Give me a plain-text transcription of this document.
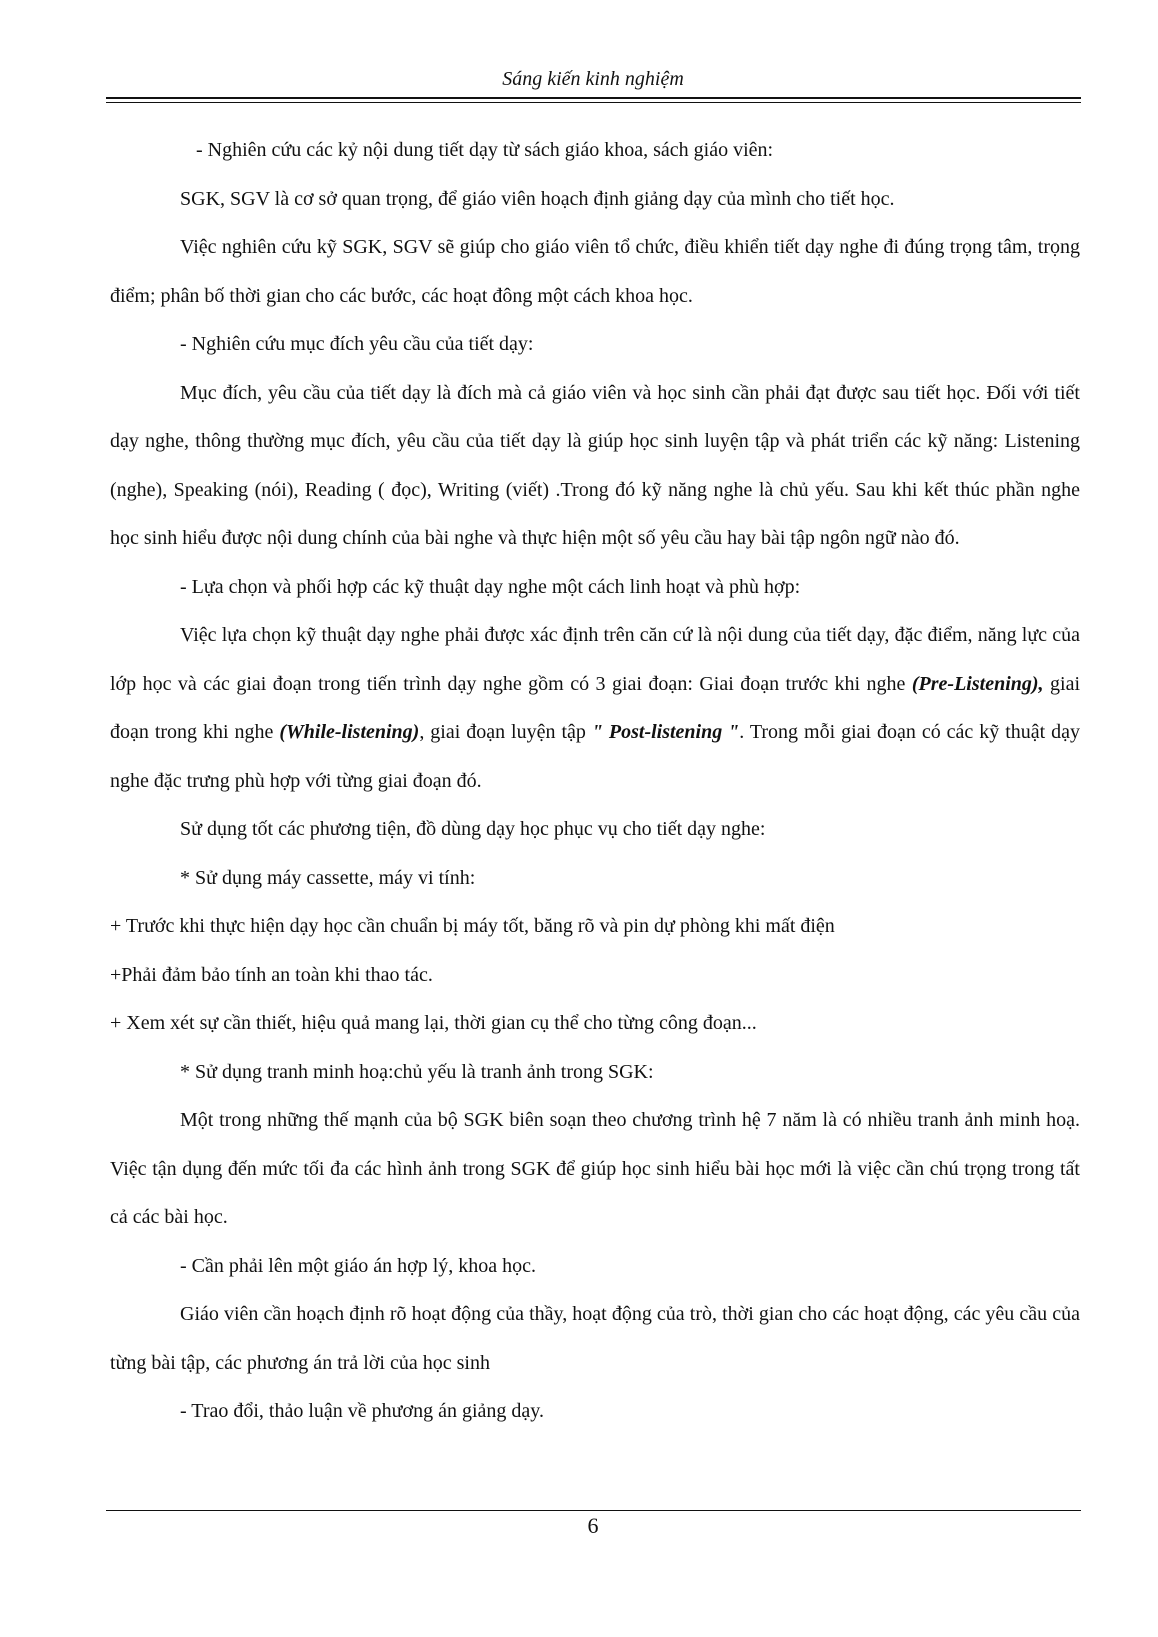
Sáng kiến kinh nghiệm

- Nghiên cứu các kỷ nội dung tiết dạy từ sách giáo khoa, sách giáo viên:

SGK, SGV là cơ sở quan trọng, để giáo viên hoạch định giảng dạy của mình cho tiết học.

Việc nghiên cứu kỹ SGK, SGV sẽ giúp cho giáo viên tổ chức, điều khiển tiết dạy nghe đi đúng trọng tâm, trọng điểm; phân bố thời gian cho các bước, các hoạt đông một cách khoa học.

- Nghiên cứu mục đích yêu cầu của tiết dạy:

Mục đích, yêu cầu của tiết dạy là đích mà cả giáo viên và học sinh cần phải đạt được sau tiết học. Đối với tiết dạy nghe, thông thường mục đích, yêu cầu của tiết dạy là giúp học sinh luyện tập và phát triển các kỹ năng: Listening (nghe), Speaking (nói), Reading ( đọc), Writing (viết) .Trong đó kỹ năng nghe là chủ yếu. Sau khi kết thúc phần nghe học sinh hiểu được nội dung chính của bài nghe và thực hiện một số yêu cầu hay bài tập ngôn ngữ nào đó.

- Lựa chọn và phối hợp các kỹ thuật dạy nghe một cách linh hoạt và phù hợp:

Việc lựa chọn kỹ thuật dạy nghe phải được xác định trên căn cứ là nội dung của tiết dạy, đặc điểm, năng lực của lớp học và các giai đoạn trong tiến trình dạy nghe gồm có 3 giai đoạn: Giai đoạn trước khi nghe (Pre-Listening), giai đoạn trong khi nghe (While-listening), giai đoạn luyện tập " Post-listening ". Trong mỗi giai đoạn có các kỹ thuật dạy nghe đặc trưng phù hợp với từng giai đoạn đó.

Sử dụng tốt các phương tiện, đồ dùng dạy học phục vụ cho tiết dạy nghe:

* Sử dụng máy cassette, máy vi tính:

+ Trước khi thực hiện dạy học cần chuẩn bị máy tốt, băng rõ và pin dự phòng khi mất điện

+Phải đảm bảo tính an toàn khi thao tác.

+ Xem xét sự cần thiết, hiệu quả mang lại, thời gian cụ thể cho từng công đoạn...

* Sử dụng tranh minh hoạ:chủ yếu là tranh ảnh trong SGK:

Một trong những thế mạnh của bộ SGK biên soạn theo chương trình hệ 7 năm là có nhiều tranh ảnh minh hoạ. Việc tận dụng đến mức tối đa các hình ảnh trong SGK để giúp học sinh hiểu bài học mới là việc cần chú trọng trong tất cả các bài học.

- Cần phải lên một giáo án hợp lý, khoa học.

Giáo viên cần hoạch định rõ hoạt động của thầy, hoạt động của trò, thời gian cho các hoạt động, các yêu cầu của từng bài tập, các phương án trả lời của học sinh

- Trao đổi, thảo luận về phương án giảng dạy.

6
